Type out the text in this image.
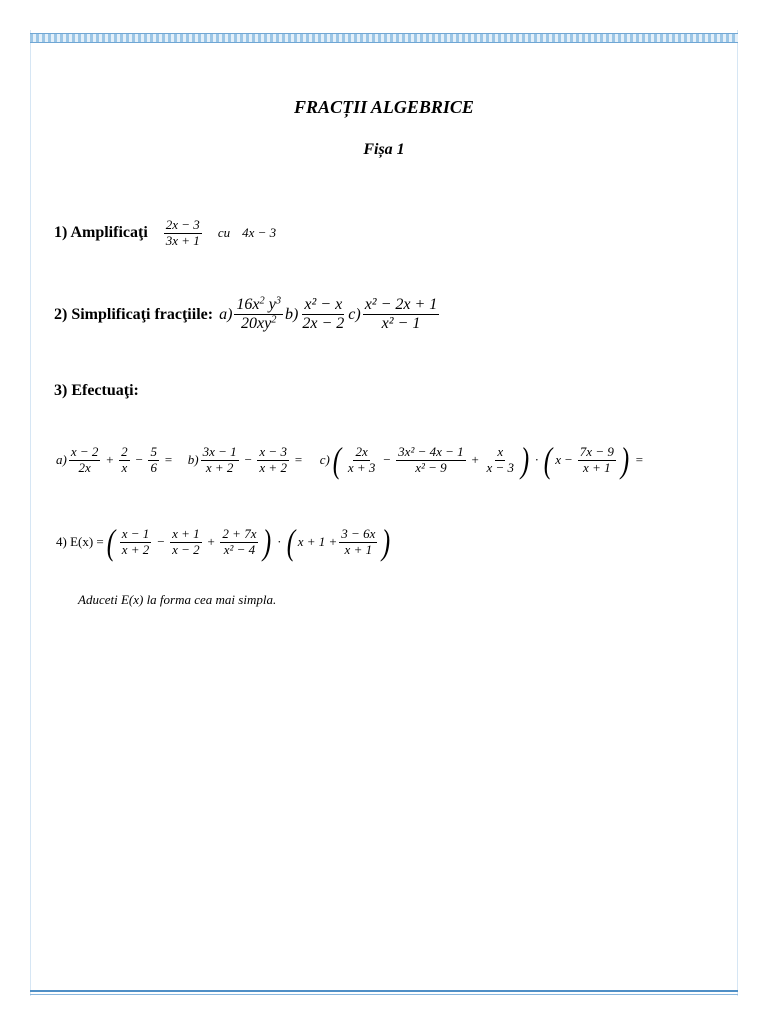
FRACȚII ALGEBRICE
Fișa 1
1) Amplificaţi $\frac{2x - 3}{3x + 1}$ cu 4x − 3
2) Simplificaţi fracţiile: $a) \frac{16x^2 y^3}{20xy^2} b) \frac{\text{x² − x}}{2x - 2} c) \frac{\text{x² − 2x + 1}}{\text{x² − 1}}$
3) Efectuaţi:
$a) \frac{x - 2}{2x} + \frac{2}{x} - \frac{5}{6} = b) \frac{3x - 1}{x + 2} - \frac{x - 3}{x + 2} = c$) ( $\frac{2x}{x + 3} - \frac{\text{3x² − 4x − 1}}{\text{x² − 9}} + \frac{x}{x - 3}$ ) · ( $x - \frac{7x - 9}{x + 1}$ ) =
4) E(x) = ( $\frac{x - 1}{x + 2} - \frac{x + 1}{x - 2} + \frac{2 + 7x}{\text{x² − 4}}$ ) · ( $x + 1 + \frac{3 - 6x}{x + 1}$ )
Aduceti E(x) la forma cea mai simpla.
